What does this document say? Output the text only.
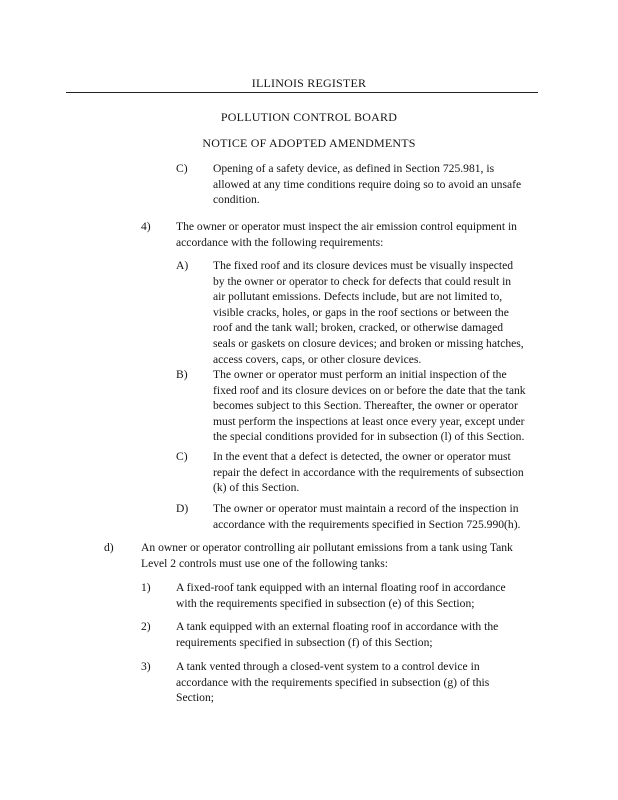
ILLINOIS REGISTER
POLLUTION CONTROL BOARD
NOTICE OF ADOPTED AMENDMENTS
C) Opening of a safety device, as defined in Section 725.981, is
allowed at any time conditions require doing so to avoid an unsafe
condition.
4) The owner or operator must inspect the air emission control equipment in
accordance with the following requirements:
A) The fixed roof and its closure devices must be visually inspected
by the owner or operator to check for defects that could result in
air pollutant emissions. Defects include, but are not limited to,
visible cracks, holes, or gaps in the roof sections or between the
roof and the tank wall; broken, cracked, or otherwise damaged
seals or gaskets on closure devices; and broken or missing hatches,
access covers, caps, or other closure devices.
B) The owner or operator must perform an initial inspection of the
fixed roof and its closure devices on or before the date that the tank
becomes subject to this Section. Thereafter, the owner or operator
must perform the inspections at least once every year, except under
the special conditions provided for in subsection (l) of this Section.
C) In the event that a defect is detected, the owner or operator must
repair the defect in accordance with the requirements of subsection
(k) of this Section.
D) The owner or operator must maintain a record of the inspection in
accordance with the requirements specified in Section 725.990(h).
d) An owner or operator controlling air pollutant emissions from a tank using Tank
Level 2 controls must use one of the following tanks:
1) A fixed-roof tank equipped with an internal floating roof in accordance
with the requirements specified in subsection (e) of this Section;
2) A tank equipped with an external floating roof in accordance with the
requirements specified in subsection (f) of this Section;
3) A tank vented through a closed-vent system to a control device in
accordance with the requirements specified in subsection (g) of this
Section;
